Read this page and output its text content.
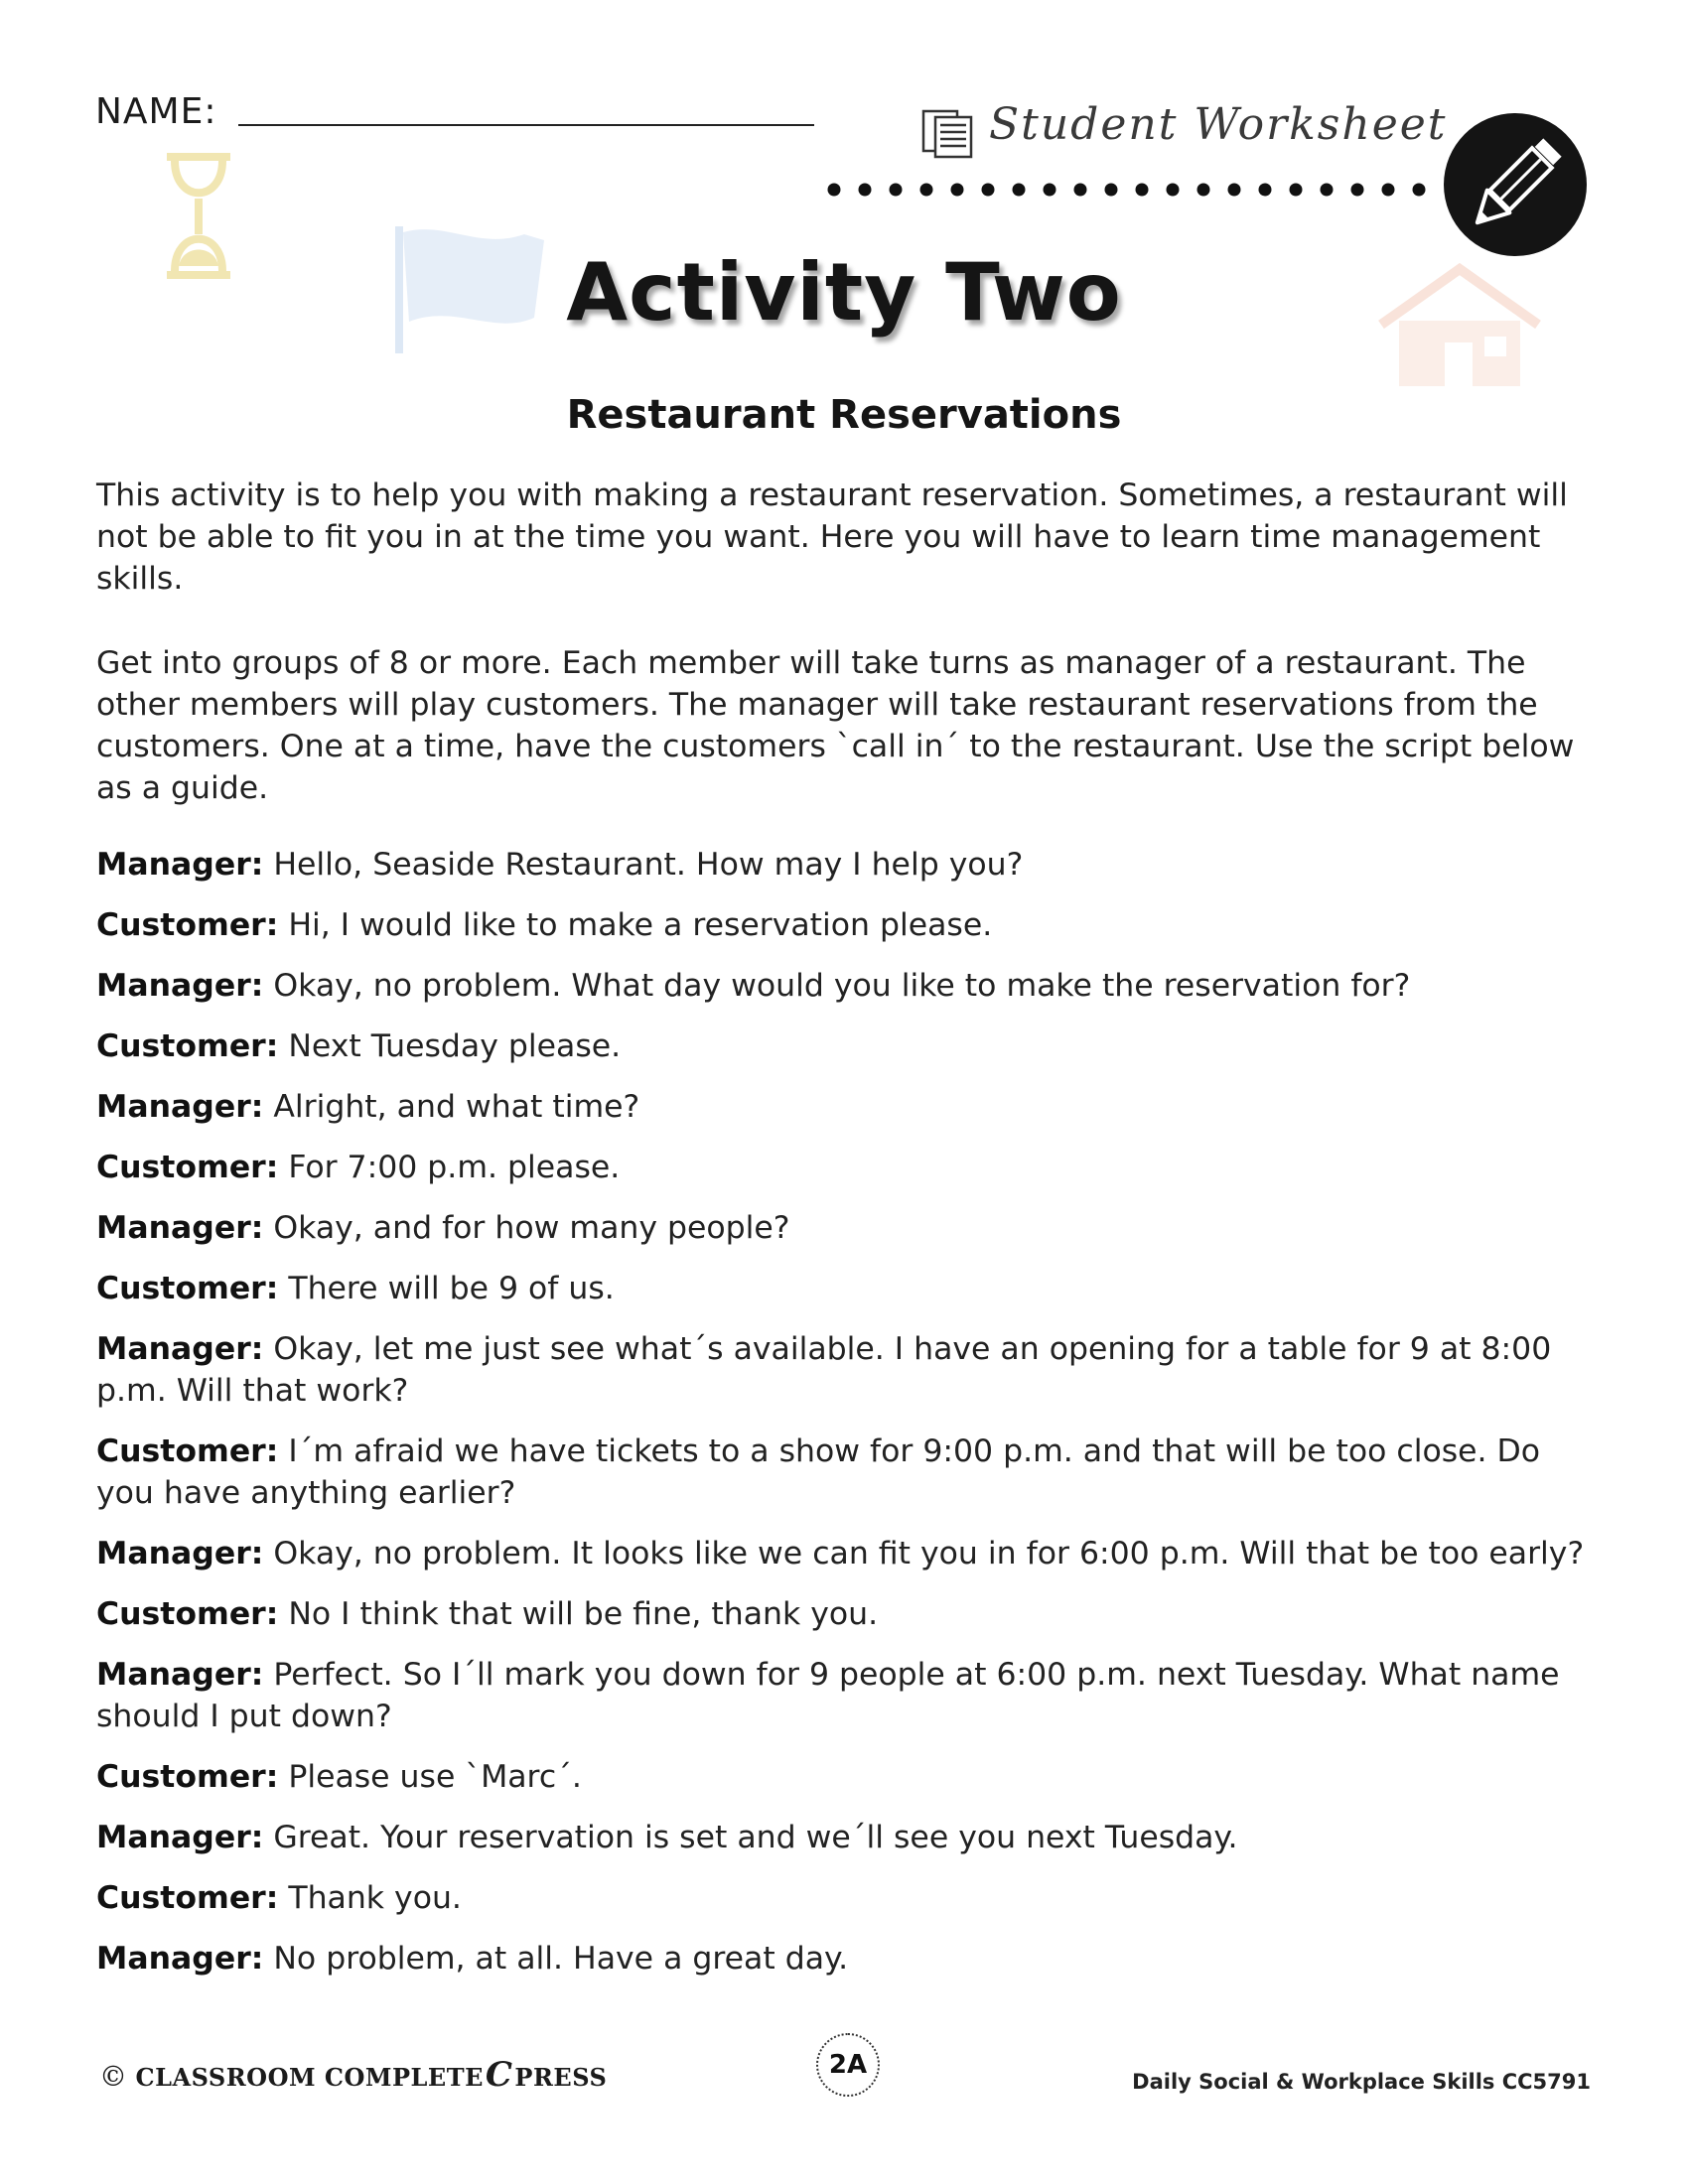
NAME:	Student Worksheet
Activity Two
Restaurant Reservations
This activity is to help you with making a restaurant reservation. Sometimes, a restaurant will not be able to fit you in at the time you want. Here you will have to learn time management skills.
Get into groups of 8 or more. Each member will take turns as manager of a restaurant. The other members will play customers. The manager will take restaurant reservations from the customers. One at a time, have the customers `call in´ to the restaurant. Use the script below as a guide.
Manager: Hello, Seaside Restaurant. How may I help you?
Customer: Hi, I would like to make a reservation please.
Manager: Okay, no problem. What day would you like to make the reservation for?
Customer: Next Tuesday please.
Manager: Alright, and what time?
Customer: For 7:00 p.m. please.
Manager: Okay, and for how many people?
Customer: There will be 9 of us.
Manager: Okay, let me just see what´s available. I have an opening for a table for 9 at 8:00 p.m. Will that work?
Customer: I´m afraid we have tickets to a show for 9:00 p.m. and that will be too close. Do you have anything earlier?
Manager: Okay, no problem. It looks like we can fit you in for 6:00 p.m. Will that be too early?
Customer: No I think that will be fine, thank you.
Manager: Perfect. So I´ll mark you down for 9 people at 6:00 p.m. next Tuesday. What name should I put down?
Customer: Please use `Marc´.
Manager: Great. Your reservation is set and we´ll see you next Tuesday.
Customer: Thank you.
Manager: No problem, at all. Have a great day.
© CLASSROOM COMPLETECPRESS	2A
Daily Social & Workplace Skills CC5791
